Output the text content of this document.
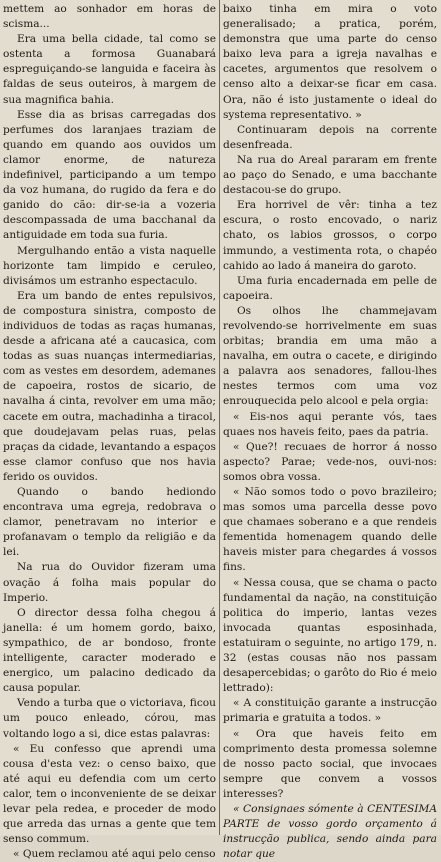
mettem ao sonhador em horas de scisma...

Era uma bella cidade, tal como se ostenta a formosa Guanabará espreguiçando-se languida e faceira às faldas de seus outeiros, à margem de sua magnifica bahia.

Esse dia as brisas carregadas dos perfumes dos laranjaes traziam de quando em quando aos ouvidos um clamor enorme, de natureza indefinivel, participando a um tempo da voz humana, do rugido da fera e do ganido do cão: dir-se-ia a vozeria descompassada de uma bacchanal da antiguidade em toda sua furia.

Mergulhando então a vista naquelle horizonte tam limpido e ceruleo, divisámos um estranho espectaculo.

Era um bando de entes repulsivos, de compostura sinistra, composto de individuos de todas as raças humanas, desde a africana até a caucasica, com todas as suas nuanças intermediarias, com as vestes em desordem, ademanes de capoeira, rostos de sicario, de navalha á cinta, revolver em uma mão; cacete em outra, machadinha a tiracol, que doudejavam pelas ruas, pelas praças da cidade, levantando a espaços esse clamor confuso que nos havia ferido os ouvidos.

Quando o bando hediondo encontrava uma egreja, redobrava o clamor, penetravam no interior e profanavam o templo da religião e da lei.

Na rua do Ouvidor fizeram uma ovação á folha mais popular do Imperio.

O director dessa folha chegou á janella: é um homem gordo, baixo, sympathico, de ar bondoso, fronte intelligente, caracter moderado e energico, um palacino dedicado da causa popular.

Vendo a turba que o victoriava, ficou um pouco enleado, córou, mas voltando logo a si, dice estas palavras:

« Eu confesso que aprendi uma cousa d'esta vez: o censo baixo, que até aqui eu defendia com um certo calor, tem o inconveniente de se deixar levar pela redea, e proceder de modo que arreda das urnas a gente que tem senso commum.

« Quem reclamou até aqui pelo censo

baixo tinha em mira o voto generalisado; a pratica, porém, demonstra que uma parte do censo baixo leva para a igreja navalhas e cacetes, argumentos que resolvem o censo alto a deixar-se ficar em casa. Ora, não é isto justamente o ideal do systema representativo. »

Continuaram depois na corrente desenfreada.

Na rua do Areal pararam em frente ao paço do Senado, e uma bacchante destacou-se do grupo.

Era horrivel de vêr: tinha a tez escura, o rosto encovado, o nariz chato, os labios grossos, o corpo immundo, a vestimenta rota, o chapéo cahido ao lado á maneira do garoto.

Uma furia encadernada em pelle de capoeira.

Os olhos lhe chammejavam revolvendo-se horrivelmente em suas orbitas; brandia em uma mão a navalha, em outra o cacete, e dirigindo a palavra aos senadores, fallou-lhes nestes termos com uma voz enrouquecida pelo alcool e pela orgia:

« Eis-nos aqui perante vós, taes quaes nos haveis feito, paes da patria.

« Que?! recuaes de horror á nosso aspecto? Parae; vede-nos, ouvi-nos: somos obra vossa.

« Não somos todo o povo brazileiro; mas somos uma parcella desse povo que chamaes soberano e a que rendeis fementida homenagem quando delle haveis mister para chegardes á vossos fins.

« Nessa cousa, que se chama o pacto fundamental da nação, na constituição politica do imperio, lantas vezes invocada quantas esposinhada, estatuiram o seguinte, no artigo 179, n. 32 (estas cousas não nos passam desapercebidas; o garôto do Rio é meio lettrado):

« A constituição garante a instrucção primaria e gratuita a todos. »

« Ora que haveis feito em comprimento desta promessa solemne de nosso pacto social, que invocaes sempre que convem a vossos interesses?

« Consignaes sómente à CENTESIMA PARTE de vosso gordo orçamento á instrucção publica, sendo ainda para notar que
